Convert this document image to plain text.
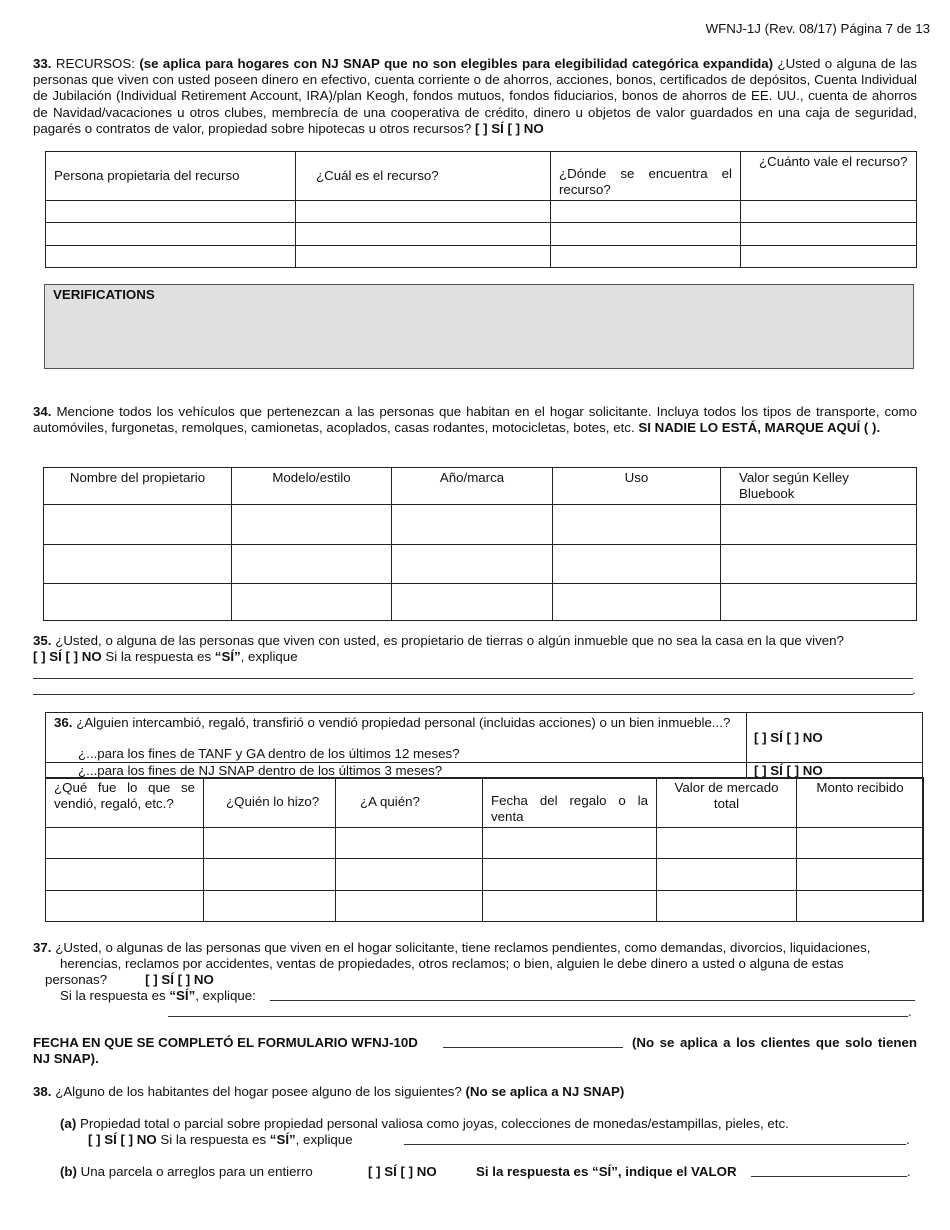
WFNJ-1J (Rev. 08/17) Página 7 de 13
33. RECURSOS: (se aplica para hogares con NJ SNAP que no son elegibles para elegibilidad categórica expandida) ¿Usted o alguna de las personas que viven con usted poseen dinero en efectivo, cuenta corriente o de ahorros, acciones, bonos, certificados de depósitos, Cuenta Individual de Jubilación (Individual Retirement Account, IRA)/plan Keogh, fondos mutuos, fondos fiduciarios, bonos de ahorros de EE. UU., cuenta de ahorros de Navidad/vacaciones u otros clubes, membrecía de una cooperativa de crédito, dinero u objetos de valor guardados en una caja de seguridad, pagarés o contratos de valor, propiedad sobre hipotecas u otros recursos? [ ] SÍ [ ] NO
Persona propietaria del recurso	¿Cuál es el recurso?	¿Dónde se encuentra el recurso?	¿Cuánto vale el recurso?

VERIFICATIONS
34. Mencione todos los vehículos que pertenezcan a las personas que habitan en el hogar solicitante. Incluya todos los tipos de transporte, como automóviles, furgonetas, remolques, camionetas, acoplados, casas rodantes, motocicletas, botes, etc. SI NADIE LO ESTÁ, MARQUE AQUÍ ( ).
Nombre del propietario	Modelo/estilo	Año/marca	Uso	Valor según Kelley Bluebook

35. ¿Usted, o alguna de las personas que viven con usted, es propietario de tierras o algún inmueble que no sea la casa en la que viven?
[ ] SÍ [ ] NO Si la respuesta es “SÍ”, explique
.
36. ¿Alguien intercambió, regaló, transfirió o vendió propiedad personal (incluidas acciones) o un bien inmueble...?
¿...para los fines de TANF y GA dentro de los últimos 12 meses?
¿...para los fines de NJ SNAP dentro de los últimos 3 meses?
[ ] SÍ [ ] NO
[ ] SÍ [ ] NO
¿Qué fue lo que se vendió, regaló, etc.?	¿Quién lo hizo?	¿A quién?	Fecha del regalo o la venta	Valor de mercado total	Monto recibido

37. ¿Usted, o algunas de las personas que viven en el hogar solicitante, tiene reclamos pendientes, como demandas, divorcios, liquidaciones,
herencias, reclamos por accidentes, ventas de propiedades, otros reclamos; o bien, alguien le debe dinero a usted o alguna de estas
personas?	[ ] SÍ [ ] NO
Si la respuesta es “SÍ”, explique:
.
FECHA EN QUE SE COMPLETÓ EL FORMULARIO WFNJ-10D	(No se aplica a los clientes que solo tienen NJ SNAP).
38. ¿Alguno de los habitantes del hogar posee alguno de los siguientes? (No se aplica a NJ SNAP)
(a) Propiedad total o parcial sobre propiedad personal valiosa como joyas, colecciones de monedas/estampillas, pieles, etc.
[ ] SÍ [ ] NO Si la respuesta es “SÍ”, explique	.
(b) Una parcela o arreglos para un entierro	[ ] SÍ [ ] NO	Si la respuesta es “SÍ”, indique el VALOR	.
